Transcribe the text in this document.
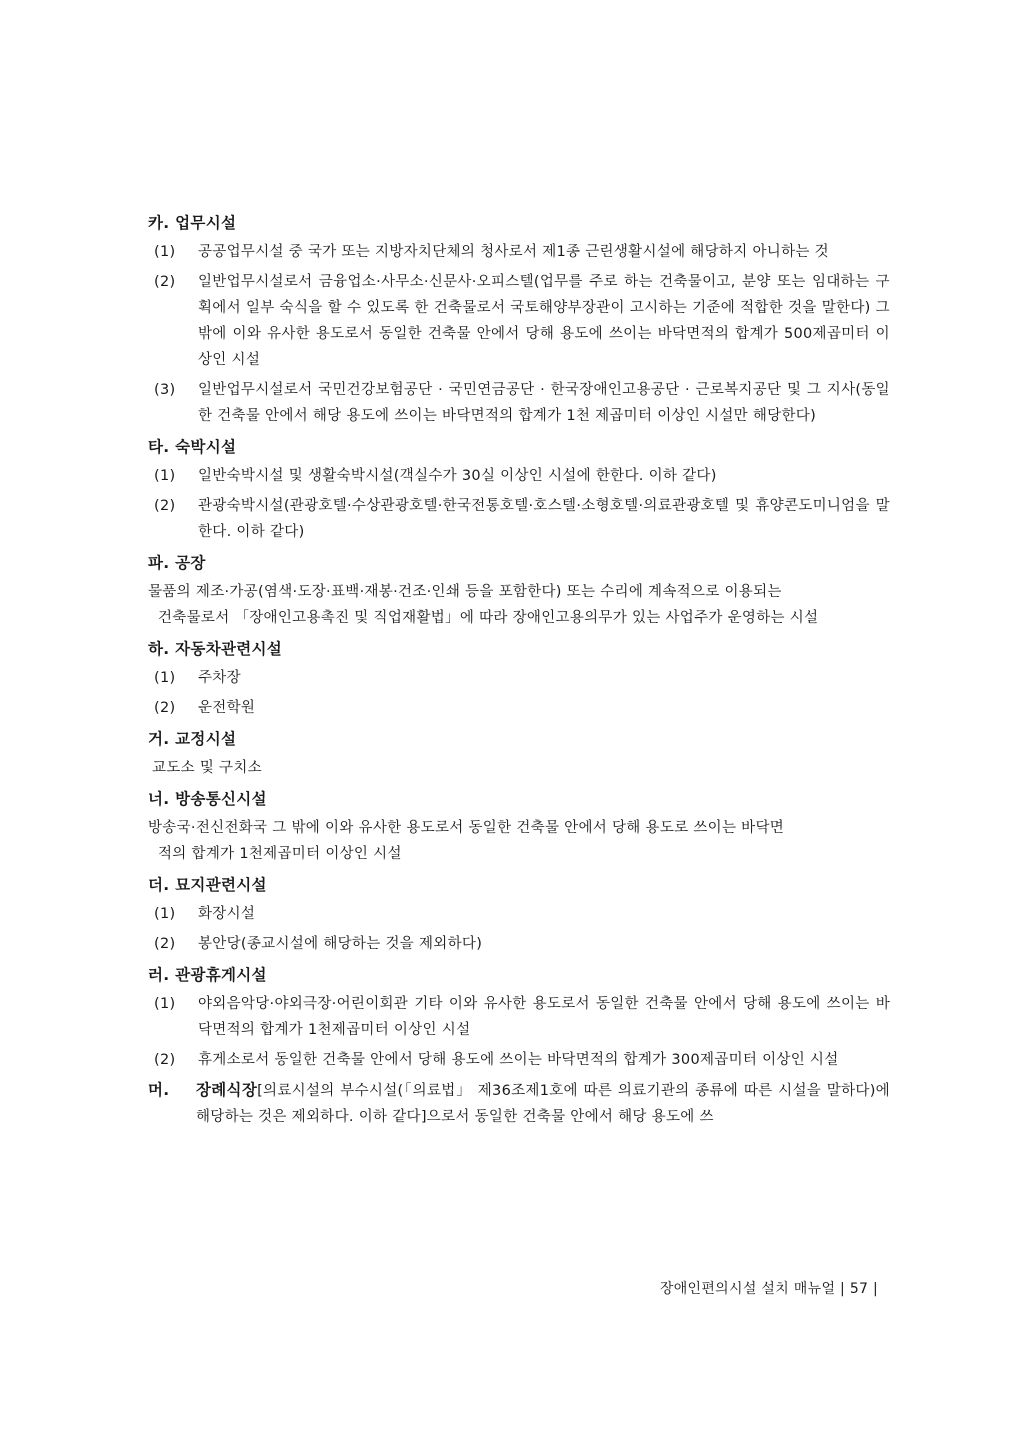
카. 업무시설
(1) 공공업무시설 중 국가 또는 지방자치단체의 청사로서 제1종 근린생활시설에 해당하지 아니하는 것
(2) 일반업무시설로서 금융업소·사무소·신문사·오피스텔(업무를 주로 하는 건축물이고, 분양 또는 임대하는 구획에서 일부 숙식을 할 수 있도록 한 건축물로서 국토해양부장관이 고시하는 기준에 적합한 것을 말한다) 그 밖에 이와 유사한 용도로서 동일한 건축물 안에서 당해 용도에 쓰이는 바닥면적의 합계가 500제곱미터 이상인 시설
(3) 일반업무시설로서 국민건강보험공단 · 국민연금공단 · 한국장애인고용공단 · 근로복지공단 및 그 지사(동일한 건축물 안에서 해당 용도에 쓰이는 바닥면적의 합계가 1천 제곱미터 이상인 시설만 해당한다)
타. 숙박시설
(1) 일반숙박시설 및 생활숙박시설(객실수가 30실 이상인 시설에 한한다. 이하 같다)
(2) 관광숙박시설(관광호텔·수상관광호텔·한국전통호텔·호스텔·소형호텔·의료관광호텔 및 휴양콘도미니엄을 말한다. 이하 같다)
파. 공장
물품의 제조·가공(염색·도장·표백·재봉·건조·인쇄 등을 포함한다) 또는 수리에 계속적으로 이용되는
건축물로서 「장애인고용촉진 및 직업재활법」에 따라 장애인고용의무가 있는 사업주가 운영하는 시설
하. 자동차관련시설
(1) 주차장
(2) 운전학원
거. 교정시설
교도소 및 구치소
너. 방송통신시설
방송국·전신전화국 그 밖에 이와 유사한 용도로서 동일한 건축물 안에서 당해 용도로 쓰이는 바닥면
적의 합계가 1천제곱미터 이상인 시설
더. 묘지관련시설
(1) 화장시설
(2) 봉안당(종교시설에 해당하는 것을 제외하다)
러. 관광휴게시설
(1) 야외음악당·야외극장·어린이회관 기타 이와 유사한 용도로서 동일한 건축물 안에서 당해 용도에 쓰이는 바닥면적의 합계가 1천제곱미터 이상인 시설
(2) 휴게소로서 동일한 건축물 안에서 당해 용도에 쓰이는 바닥면적의 합계가 300제곱미터 이상인 시설
머. 장례식장[의료시설의 부수시설(「의료법」 제36조제1호에 따른 의료기관의 종류에 따른 시설을 말하다)에 해당하는 것은 제외하다. 이하 같다]으로서 동일한 건축물 안에서 해당 용도에 쓰
장애인편의시설 설치 매뉴얼 | 57 |
